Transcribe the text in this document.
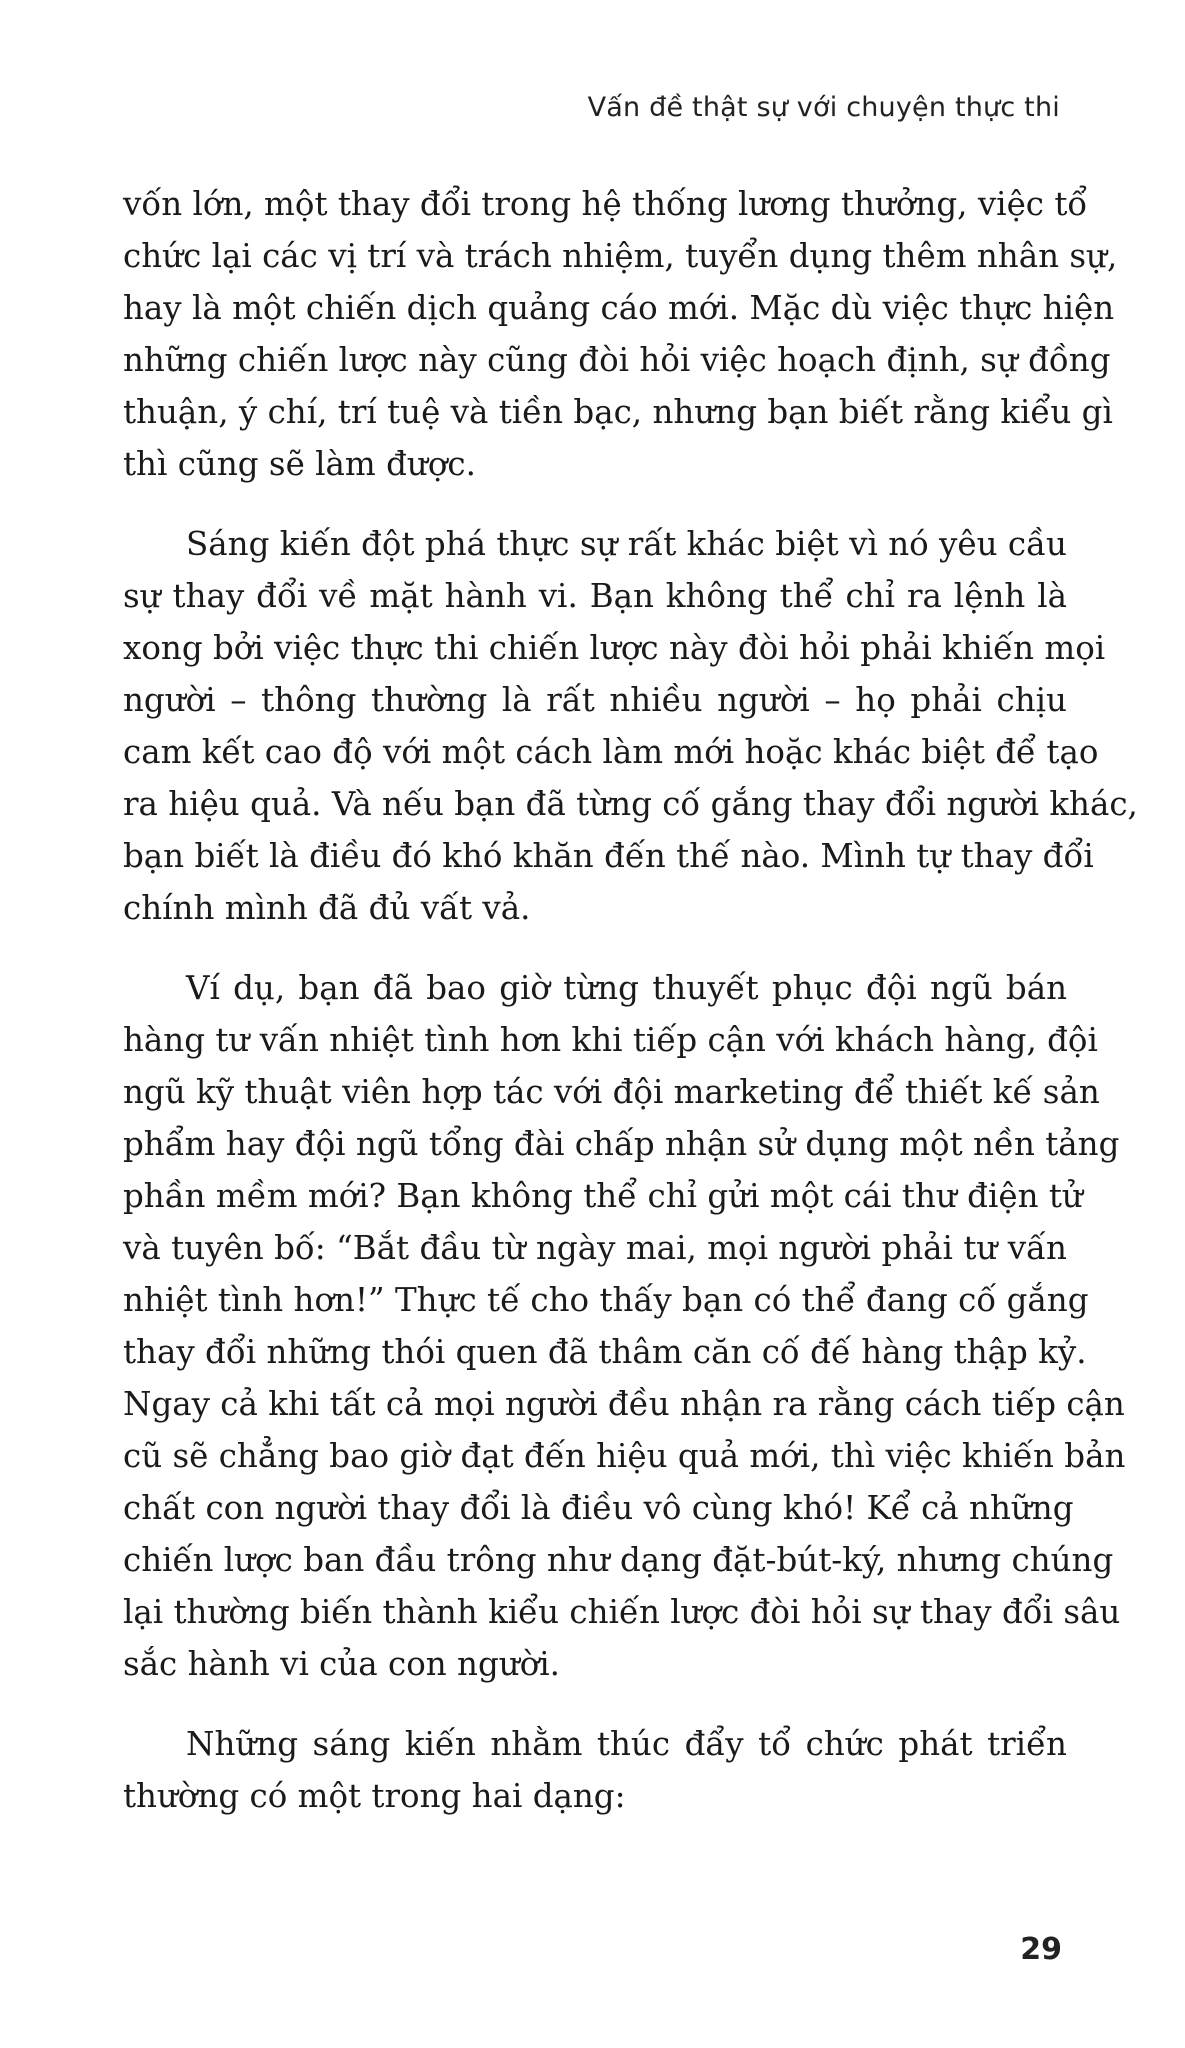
Vấn đề thật sự với chuyện thực thi
vốn lớn, một thay đổi trong hệ thống lương thưởng, việc tổ
chức lại các vị trí và trách nhiệm, tuyển dụng thêm nhân sự,
hay là một chiến dịch quảng cáo mới. Mặc dù việc thực hiện
những chiến lược này cũng đòi hỏi việc hoạch định, sự đồng
thuận, ý chí, trí tuệ và tiền bạc, nhưng bạn biết rằng kiểu gì
thì cũng sẽ làm được.
Sáng kiến đột phá thực sự rất khác biệt vì nó yêu cầu
sự thay đổi về mặt hành vi. Bạn không thể chỉ ra lệnh là
xong bởi việc thực thi chiến lược này đòi hỏi phải khiến mọi
người – thông thường là rất nhiều người – họ phải chịu
cam kết cao độ với một cách làm mới hoặc khác biệt để tạo
ra hiệu quả. Và nếu bạn đã từng cố gắng thay đổi người khác,
bạn biết là điều đó khó khăn đến thế nào. Mình tự thay đổi
chính mình đã đủ vất vả.
Ví dụ, bạn đã bao giờ từng thuyết phục đội ngũ bán
hàng tư vấn nhiệt tình hơn khi tiếp cận với khách hàng, đội
ngũ kỹ thuật viên hợp tác với đội marketing để thiết kế sản
phẩm hay đội ngũ tổng đài chấp nhận sử dụng một nền tảng
phần mềm mới? Bạn không thể chỉ gửi một cái thư điện tử
và tuyên bố: “Bắt đầu từ ngày mai, mọi người phải tư vấn
nhiệt tình hơn!” Thực tế cho thấy bạn có thể đang cố gắng
thay đổi những thói quen đã thâm căn cố đế hàng thập kỷ.
Ngay cả khi tất cả mọi người đều nhận ra rằng cách tiếp cận
cũ sẽ chẳng bao giờ đạt đến hiệu quả mới, thì việc khiến bản
chất con người thay đổi là điều vô cùng khó! Kể cả những
chiến lược ban đầu trông như dạng đặt-bút-ký, nhưng chúng
lại thường biến thành kiểu chiến lược đòi hỏi sự thay đổi sâu
sắc hành vi của con người.
Những sáng kiến nhằm thúc đẩy tổ chức phát triển
thường có một trong hai dạng:
29
